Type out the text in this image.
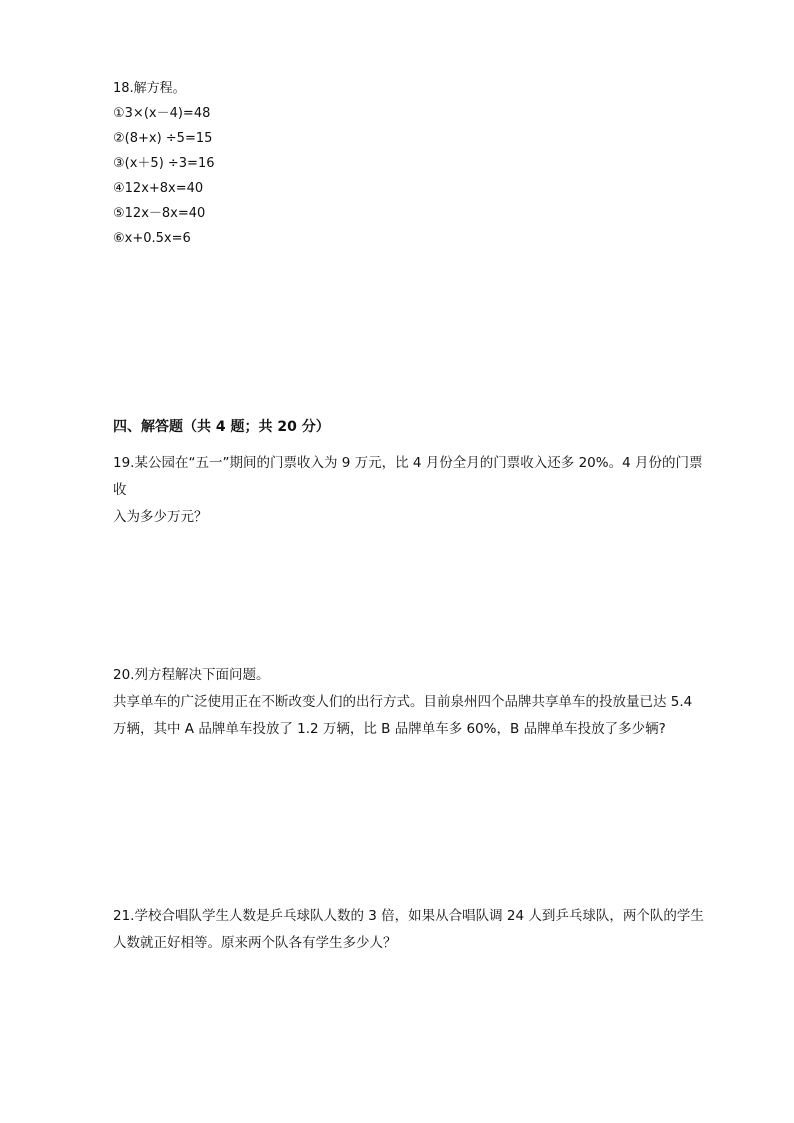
18.解方程。
①3×(x－4)=48
②(8+x) ÷5=15
③(x＋5) ÷3=16
④12x+8x=40
⑤12x－8x=40
⑥x+0.5x=6
四、解答题（共 4 题；共 20 分）
19.某公园在“五一”期间的门票收入为 9 万元，比 4 月份全月的门票收入还多 20%。4 月份的门票收
入为多少万元？
20.列方程解决下面问题。
共享单车的广泛使用正在不断改变人们的出行方式。目前泉州四个品牌共享单车的投放量已达 5.4
万辆，其中 A 品牌单车投放了 1.2 万辆，比 B 品牌单车多 60%，B 品牌单车投放了多少辆?
21.学校合唱队学生人数是乒乓球队人数的 3 倍，如果从合唱队调 24 人到乒乓球队，两个队的学生
人数就正好相等。原来两个队各有学生多少人？
